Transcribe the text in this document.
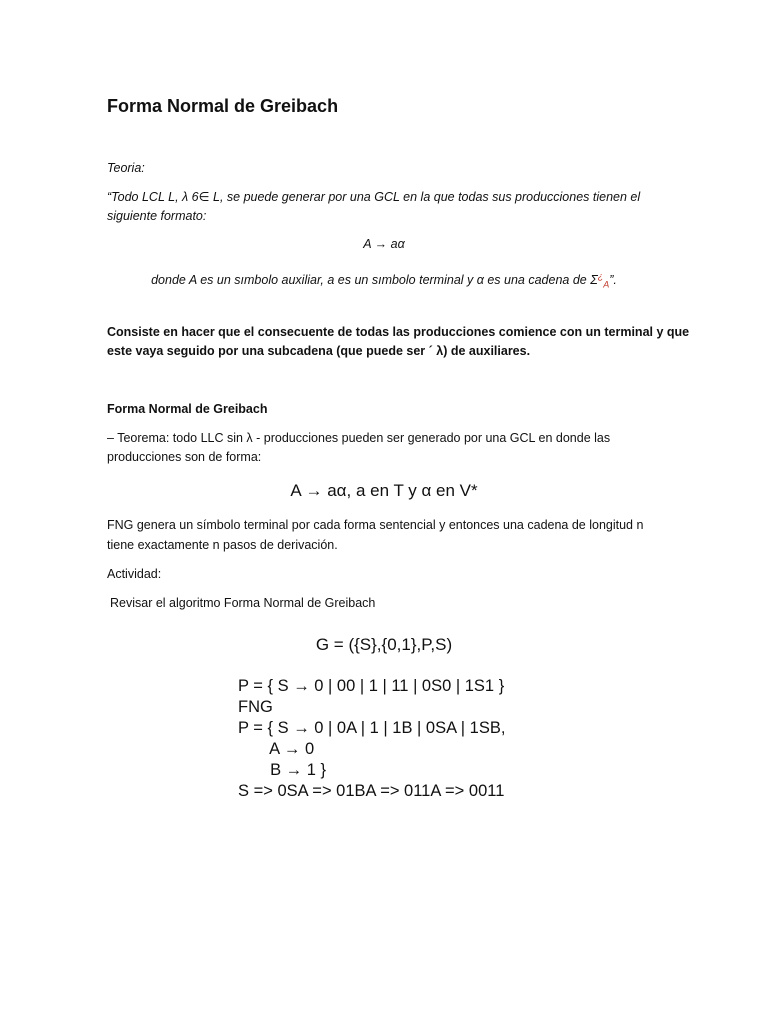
Forma Normal de Greibach

Teoria:

“Todo LCL L, λ 6∈ L, se puede generar por una GCL en la que todas sus producciones tienen el

siguiente formato:

A → aα

donde A es un sımbolo auxiliar, a es un sımbolo terminal y α es una cadena de $\Sigma^¿_A$”.

Consiste en hacer que el consecuente de todas las producciones comience con un terminal y que

este vaya seguido por una subcadena (que puede ser ´ λ) de auxiliares.

Forma Normal de Greibach

– Teorema: todo LLC sin λ - producciones pueden ser generado por una GCL en donde las

producciones son de forma:

A → aα, a en T y α en V*

FNG genera un símbolo terminal por cada forma sentencial y entonces una cadena de longitud n

tiene exactamente n pasos de derivación.

Actividad:

Revisar el algoritmo Forma Normal de Greibach

G = ({S},{0,1},P,S)

P = { S → 0 | 00 | 1 | 11 | 0S0 | 1S1 }

FNG

P = { S → 0 | 0A | 1 | 1B | 0SA | 1SB,

A → 0

B → 1 }

S => 0SA => 01BA => 011A => 0011
